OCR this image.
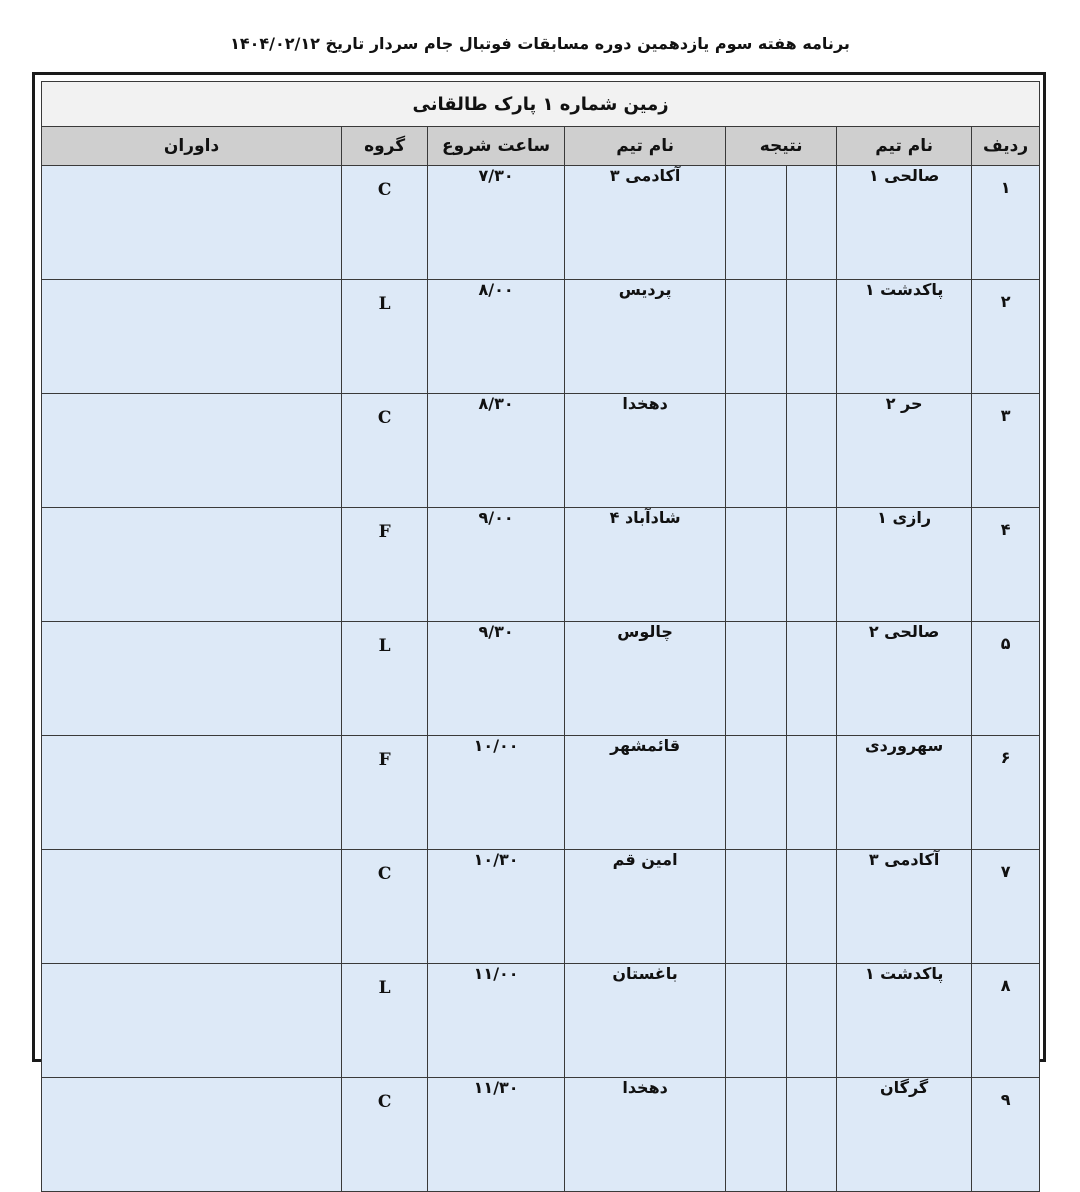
برنامه هفته سوم یازدهمین دوره مسابقات فوتبال جام سردار تاریخ ۱۴۰۴/۰۲/۱۲
زمین شماره ۱ پارک طالقانی							
ردیف	نام تیم	نتیجه		نام تیم	ساعت شروع	گروه	داوران
۱	صالحی ۱			آکادمی ۳	۷/۳۰	C	
۲	پاکدشت ۱			پردیس	۸/۰۰	L	
۳	حر ۲			دهخدا	۸/۳۰	C	
۴	رازی ۱			شادآباد ۴	۹/۰۰	F	
۵	صالحی ۲			چالوس	۹/۳۰	L	
۶	سهروردی			قائمشهر	۱۰/۰۰	F	
۷	آکادمی ۳			امین قم	۱۰/۳۰	C	
۸	پاکدشت ۱			باغستان	۱۱/۰۰	L	
۹	گرگان			دهخدا	۱۱/۳۰	C	
